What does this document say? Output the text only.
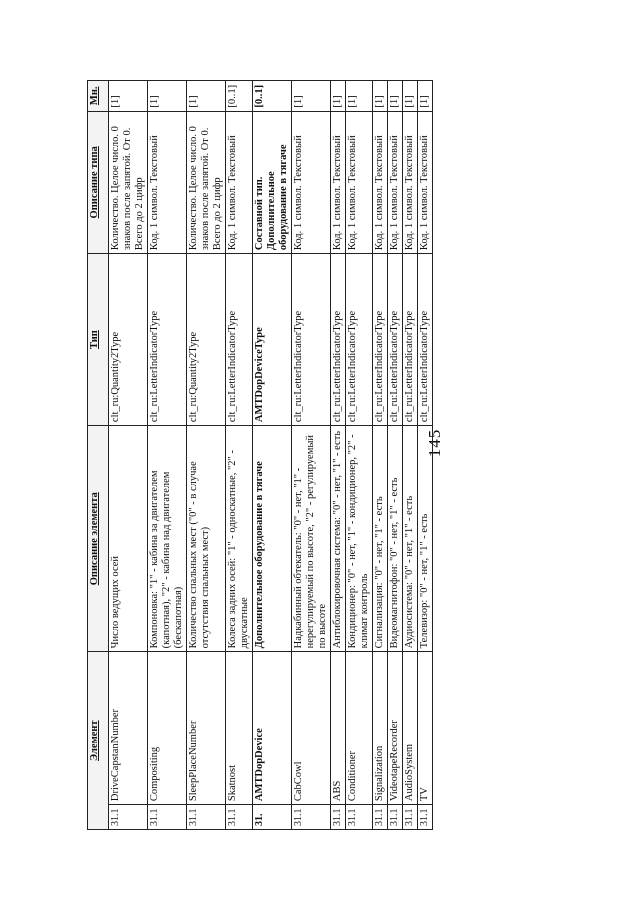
145
Элемент		Описание элемента	Тип	Описание типа	Мн.
31.1	DriveCapstanNumber	Число ведущих осей	clt_ru:Quantity2Type	Количество. Целое число. 0 знаков после запятой. От 0. Всего до 2 цифр	[1]
31.1	Compositing	Компоновка: "1" - кабина за двигателем (капотная), "2" - кабина над двигателем (бескапотная)	clt_ru:LetterIndicatorType	Код. 1 символ. Текстовый	[1]
31.1	SleepPlaceNumber	Количество спальных мест ("0" - в случае отсутствия спальных мест)	clt_ru:Quantity2Type	Количество. Целое число. 0 знаков после запятой. От 0. Всего до 2 цифр	[1]
31.1	Skatnost	Колеса задних осей: "1" - односкатные, "2" - двускатные	clt_ru:LetterIndicatorType	Код. 1 символ. Текстовый	[0..1]
31.	AMTDopDevice	Дополнительное оборудование в тягаче	AMTDopDeviceType	Составной тип. Дополнительное оборудование в тягаче	[0..1]
31.1	CabCowl	Надкабинный обтекатель: "0" - нет, "1" - нерегулируемый по высоте, "2" - регулируемый по высоте	clt_ru:LetterIndicatorType	Код. 1 символ. Текстовый	[1]
31.1	ABS	Антиблокировочная система: "0" - нет, "1" - есть	clt_ru:LetterIndicatorType	Код. 1 символ. Текстовый	[1]
31.1	Conditioner	Кондиционер: "0" - нет, "1" - кондиционер, "2" - климат контроль	clt_ru:LetterIndicatorType	Код. 1 символ. Текстовый	[1]
31.1	Signalization	Сигнализация: "0" - нет, "1" - есть	clt_ru:LetterIndicatorType	Код. 1 символ. Текстовый	[1]
31.1	VideotapeRecorder	Видеомагнитофон: "0" - нет, "1" - есть	clt_ru:LetterIndicatorType	Код. 1 символ. Текстовый	[1]
31.1	AudioSystem	Аудиосистема: "0" - нет, "1" - есть	clt_ru:LetterIndicatorType	Код. 1 символ. Текстовый	[1]
31.1	TV	Телевизор: "0" - нет, "1" - есть	clt_ru:LetterIndicatorType	Код. 1 символ. Текстовый	[1]
